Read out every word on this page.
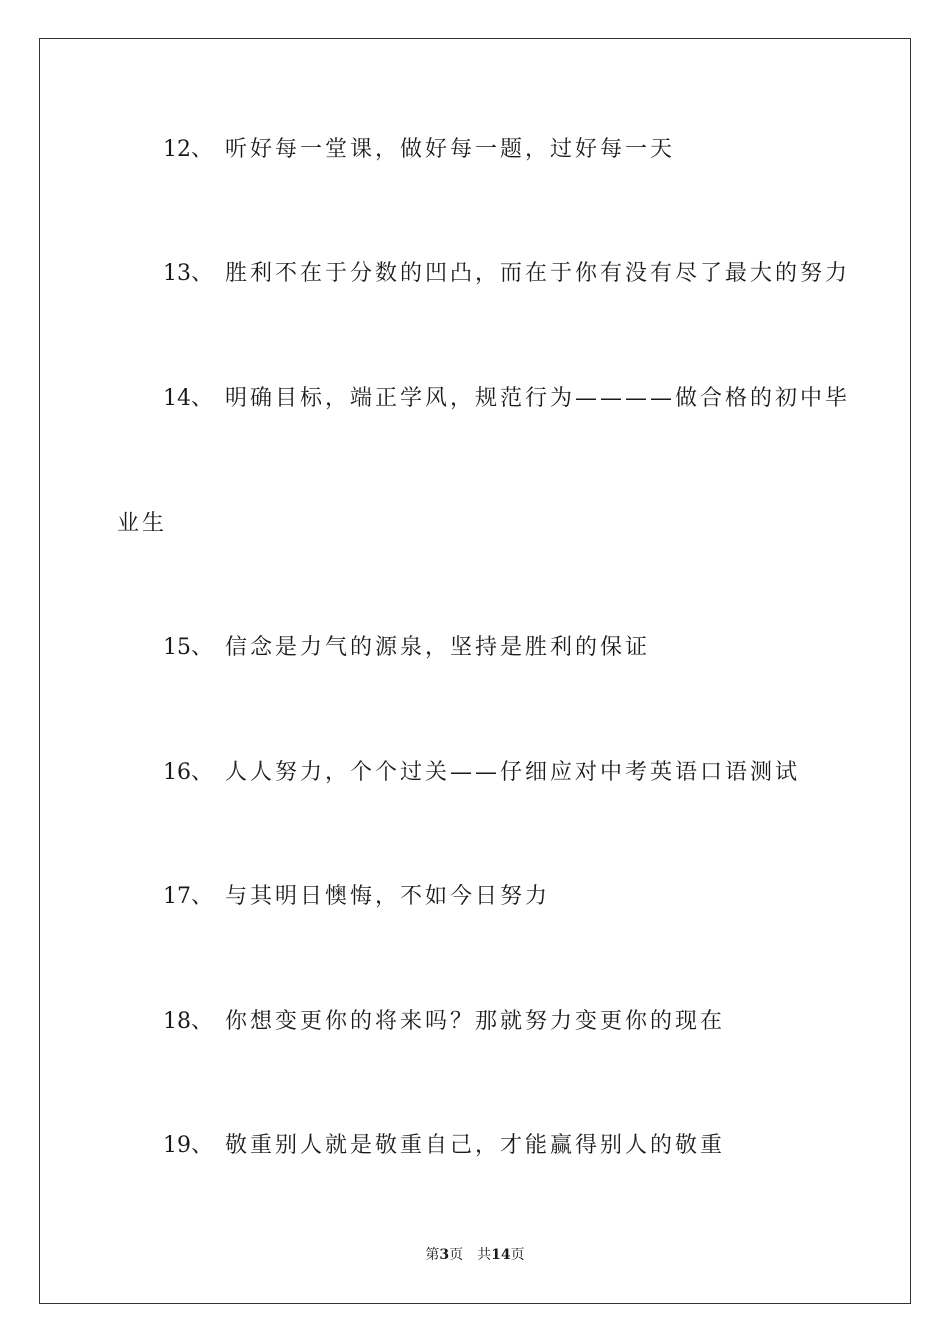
12、 听好每一堂课，做好每一题，过好每一天

13、 胜利不在于分数的凹凸，而在于你有没有尽了最大的努力

14、 明确目标，端正学风，规范行为————做合格的初中毕

业生

15、 信念是力气的源泉，坚持是胜利的保证

16、 人人努力，个个过关——仔细应对中考英语口语测试

17、 与其明日懊悔，不如今日努力

18、 你想变更你的将来吗？那就努力变更你的现在

19、 敬重别人就是敬重自己，才能赢得别人的敬重

第3页 共14页
